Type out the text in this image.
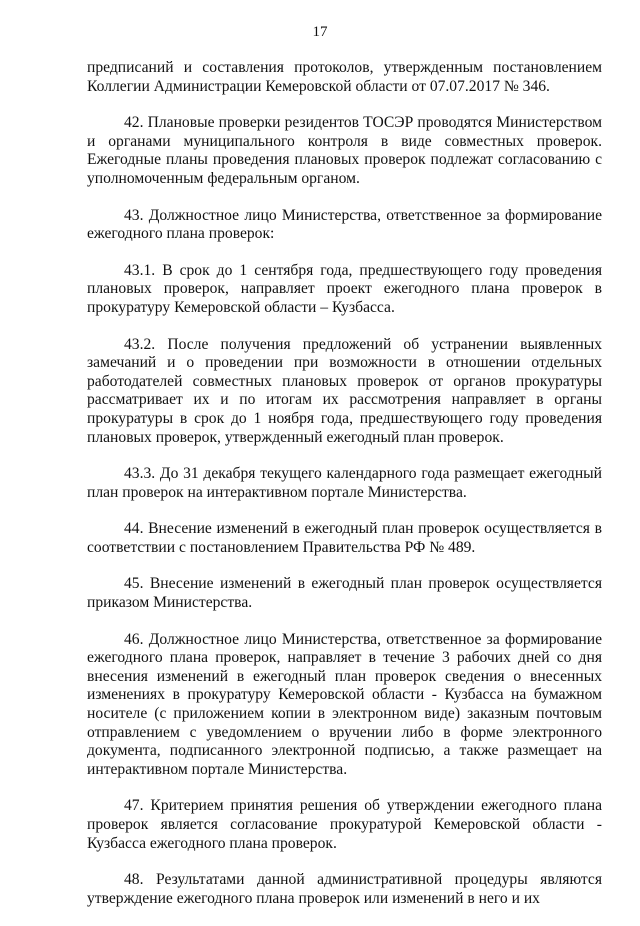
17

предписаний и составления протоколов, утвержденным постановлением Коллегии Администрации Кемеровской области от 07.07.2017 № 346.

42. Плановые проверки резидентов ТОСЭР проводятся Министерством и органами муниципального контроля в виде совместных проверок. Ежегодные планы проведения плановых проверок подлежат согласованию с уполномоченным федеральным органом.

43. Должностное лицо Министерства, ответственное за формирование ежегодного плана проверок:

43.1. В срок до 1 сентября года, предшествующего году проведения плановых проверок, направляет проект ежегодного плана проверок в прокуратуру Кемеровской области – Кузбасса.

43.2. После получения предложений об устранении выявленных замечаний и о проведении при возможности в отношении отдельных работодателей совместных плановых проверок от органов прокуратуры рассматривает их и по итогам их рассмотрения направляет в органы прокуратуры в срок до 1 ноября года, предшествующего году проведения плановых проверок, утвержденный ежегодный план проверок.

43.3. До 31 декабря текущего календарного года размещает ежегодный план проверок на интерактивном портале Министерства.

44. Внесение изменений в ежегодный план проверок осуществляется в соответствии с постановлением Правительства РФ № 489.

45. Внесение изменений в ежегодный план проверок осуществляется приказом Министерства.

46. Должностное лицо Министерства, ответственное за формирование ежегодного плана проверок, направляет в течение 3 рабочих дней со дня внесения изменений в ежегодный план проверок сведения о внесенных изменениях в прокуратуру Кемеровской области - Кузбасса на бумажном носителе (с приложением копии в электронном виде) заказным почтовым отправлением с уведомлением о вручении либо в форме электронного документа, подписанного электронной подписью, а также размещает на интерактивном портале Министерства.

47. Критерием принятия решения об утверждении ежегодного плана проверок является согласование прокуратурой Кемеровской области - Кузбасса ежегодного плана проверок.

48. Результатами данной административной процедуры являются утверждение ежегодного плана проверок или изменений в него и их
